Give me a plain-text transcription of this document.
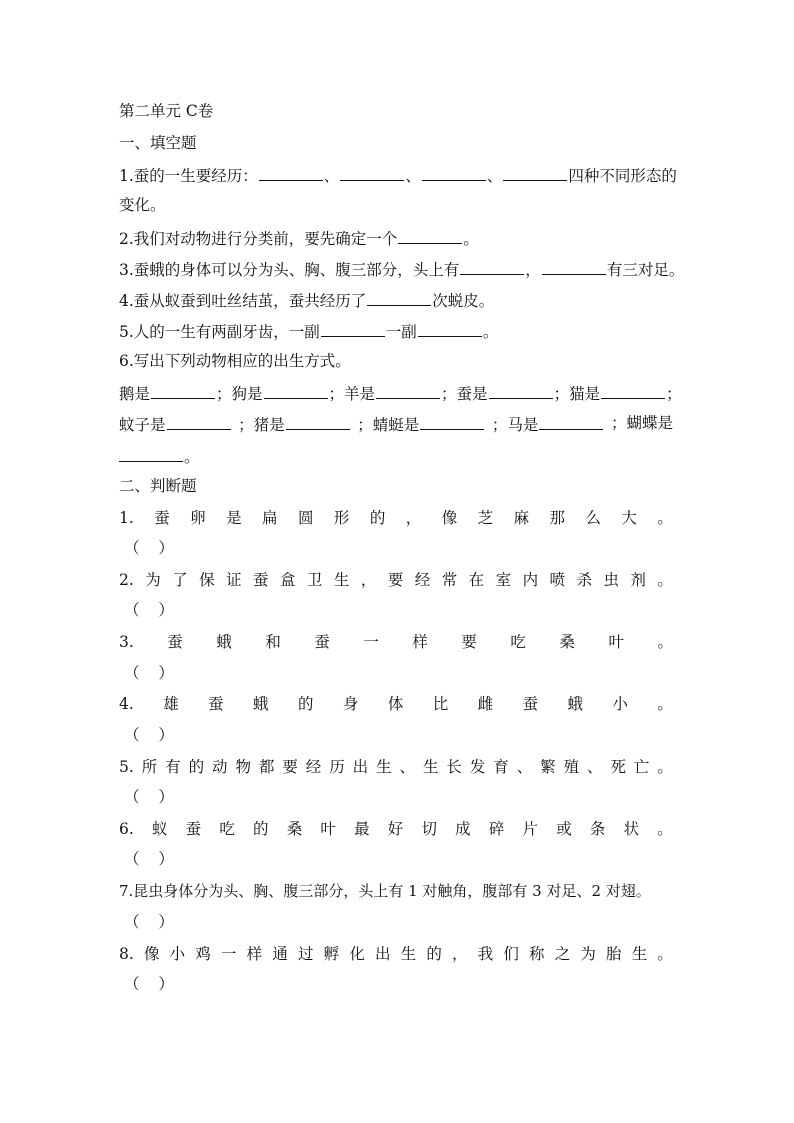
第二单元 C卷
一、填空题
1.蚕的一生要经历：	、	、	、	四种不同形态的
变化。
2.我们对动物进行分类前，要先确定一个	。
3.蚕蛾的身体可以分为头、胸、腹三部分，头上有	，	有三对足。
4.蚕从蚁蚕到吐丝结茧，蚕共经历了	次蜕皮。
5.人的一生有两副牙齿，一副	一副	。
6.写出下列动物相应的出生方式。
鹅是	；狗是	；羊是	；蚕是	；猫是	；
蚊子是	；猪是	；蜻蜓是	；马是	；蝴蝶是
。
二、判断题
1. 蚕 卵 是 扁 圆 形 的 ， 像 芝 麻 那 么 大 。
（ ）
2. 为 了 保 证 蚕 盒 卫 生 ， 要 经 常 在 室 内 喷 杀 虫 剂 。
（ ）
3. 蚕 蛾 和 蚕 一 样 要 吃 桑 叶 。
（ ）
4. 雄 蚕 蛾 的 身 体 比 雌 蚕 蛾 小 。
（ ）
5. 所 有 的 动 物 都 要 经 历 出 生 、 生 长 发 育 、 繁 殖 、 死 亡 。
（ ）
6. 蚁 蚕 吃 的 桑 叶 最 好 切 成 碎 片 或 条 状 。
（ ）
7.昆虫身体分为头、胸、腹三部分，头上有 1 对触角，腹部有 3 对足、2 对翅。
（ ）
8. 像 小 鸡 一 样 通 过 孵 化 出 生 的 ， 我 们 称 之 为 胎 生 。
（ ）
